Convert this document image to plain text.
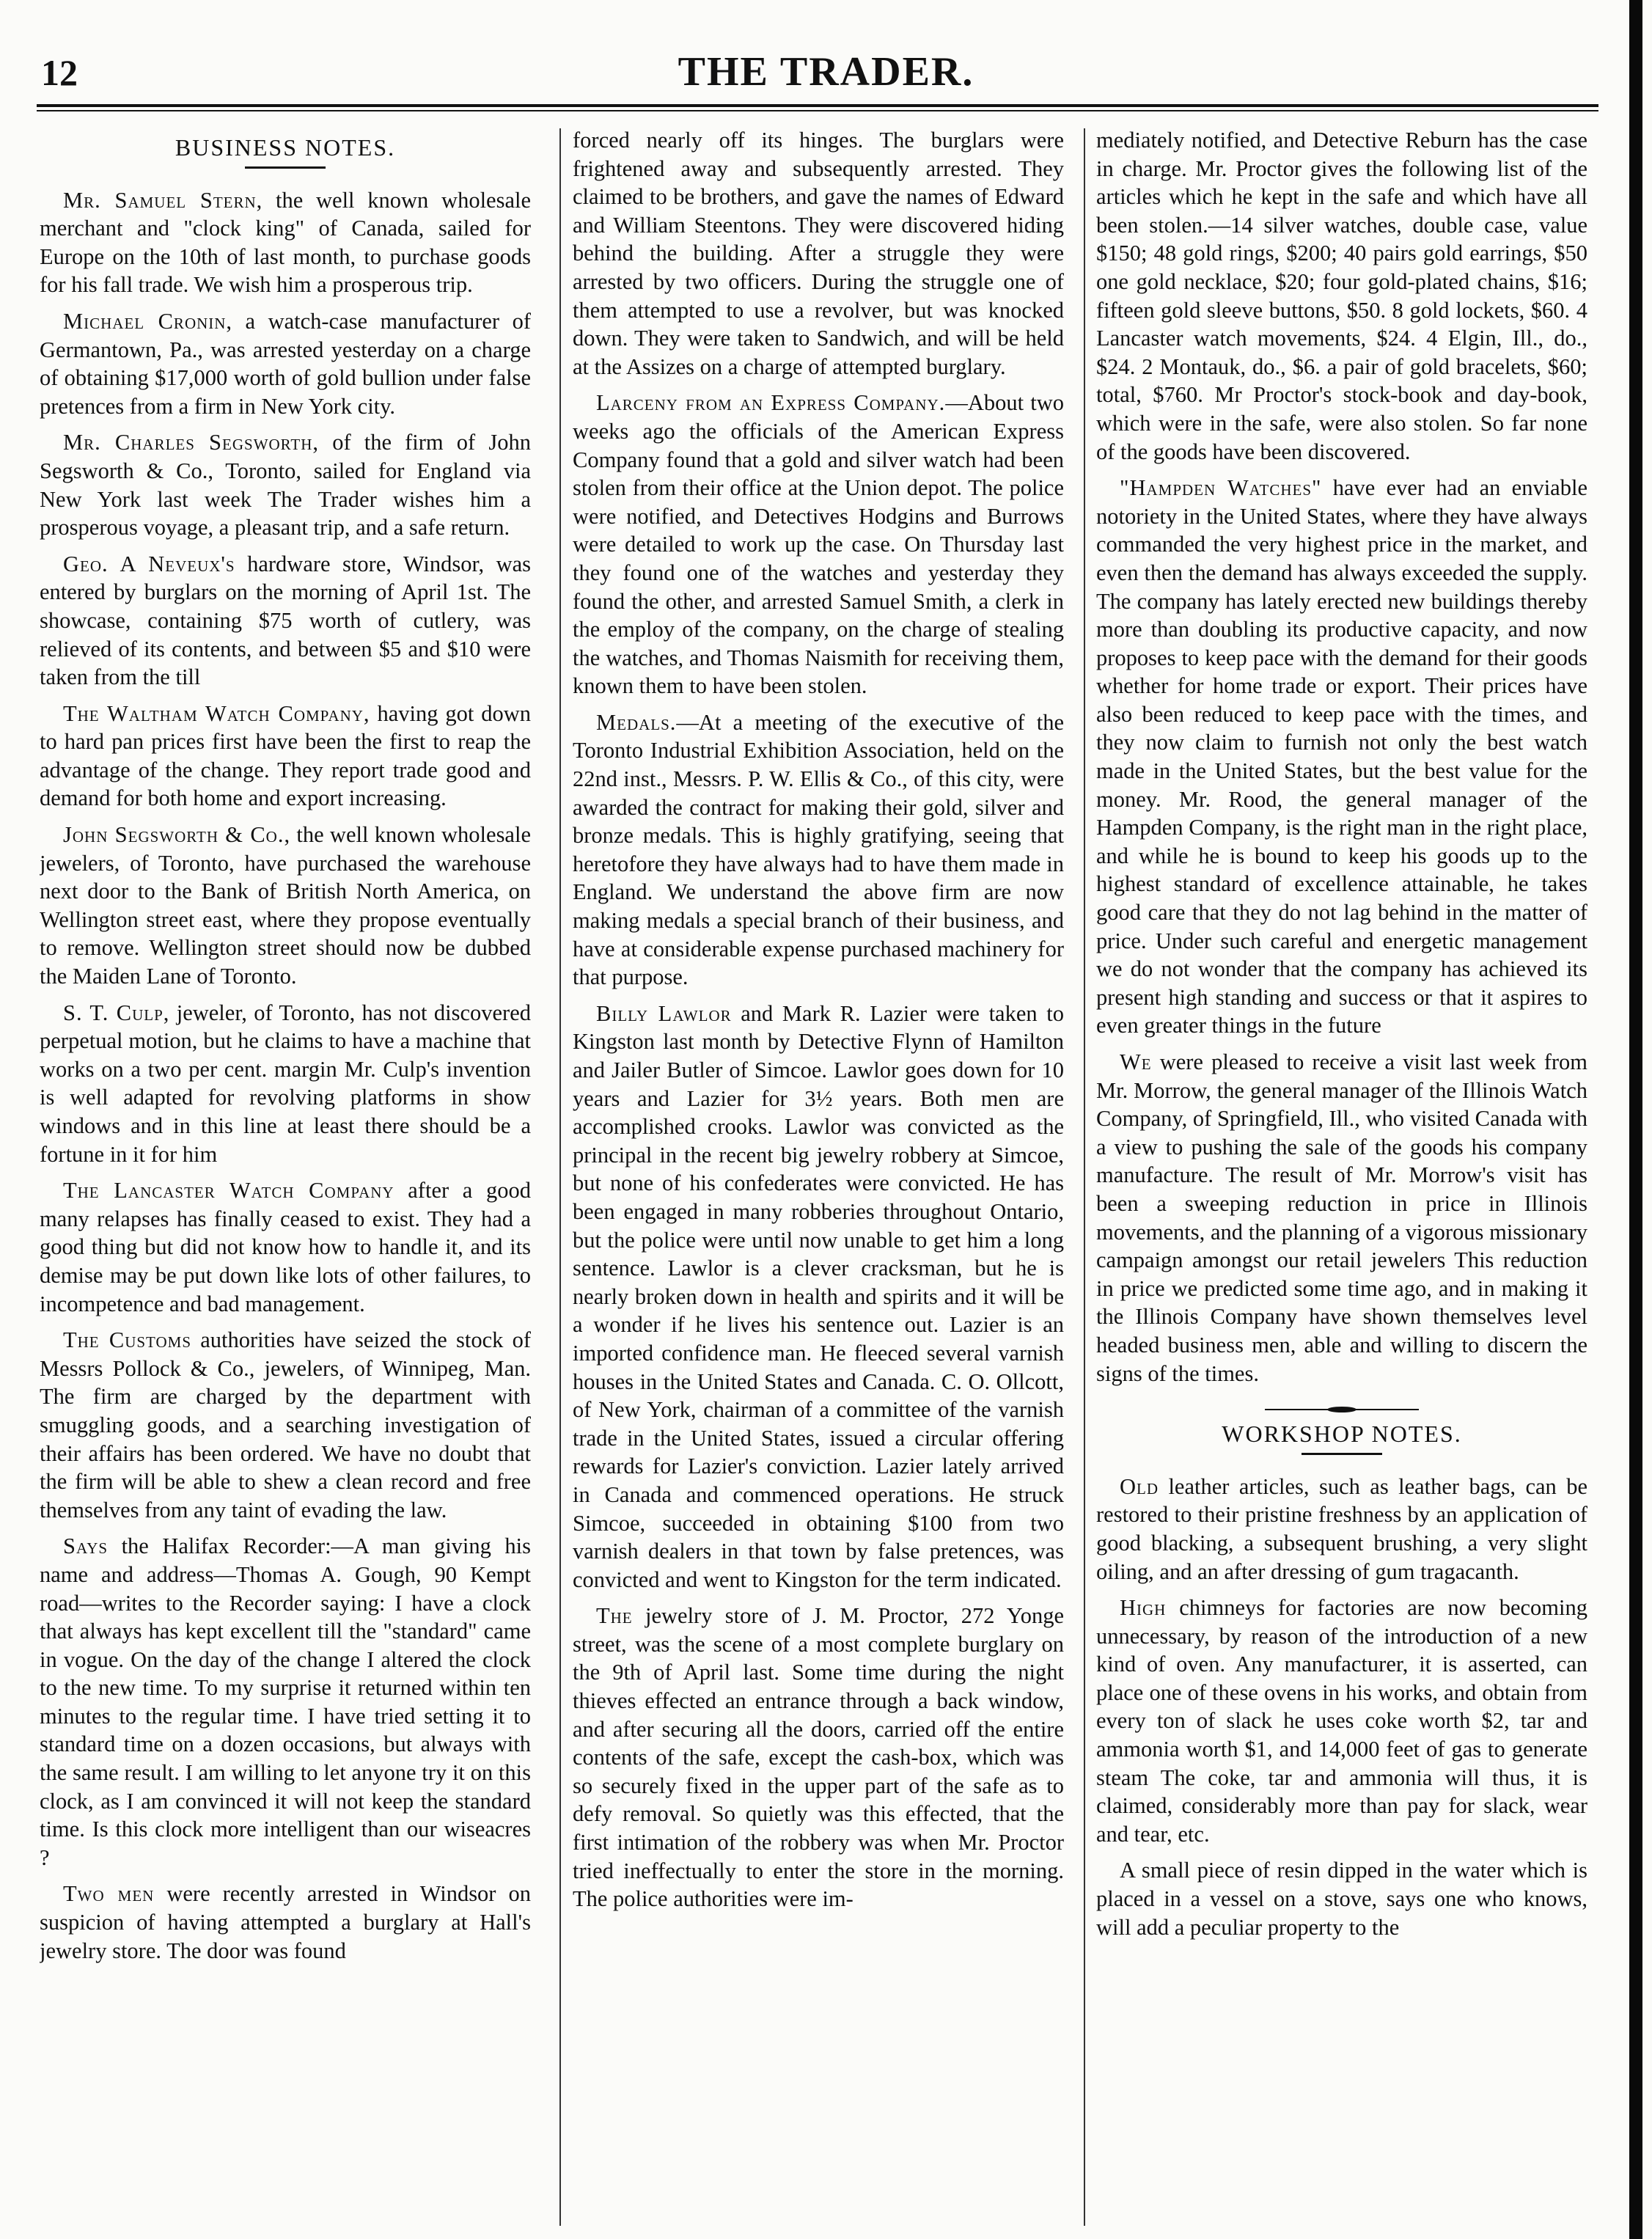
12	THE TRADER.
BUSINESS NOTES.

Mr. Samuel Stern, the well known wholesale merchant and "clock king" of Canada, sailed for Europe on the 10th of last month, to purchase goods for his fall trade. We wish him a prosperous trip.

Michael Cronin, a watch-case manufacturer of Germantown, Pa., was arrested yesterday on a charge of obtaining $17,000 worth of gold bullion under false pretences from a firm in New York city.

Mr. Charles Segsworth, of the firm of John Segsworth & Co., Toronto, sailed for England via New York last week The Trader wishes him a prosperous voyage, a pleasant trip, and a safe return.

Geo. A Neveux's hardware store, Windsor, was entered by burglars on the morning of April 1st. The showcase, containing $75 worth of cutlery, was relieved of its contents, and between $5 and $10 were taken from the till

The Waltham Watch Company, having got down to hard pan prices first have been the first to reap the advantage of the change. They report trade good and demand for both home and export increasing.

John Segsworth & Co., the well known wholesale jewelers, of Toronto, have purchased the warehouse next door to the Bank of British North America, on Wellington street east, where they propose eventually to remove. Wellington street should now be dubbed the Maiden Lane of Toronto.

S. T. Culp, jeweler, of Toronto, has not discovered perpetual motion, but he claims to have a machine that works on a two per cent. margin Mr. Culp's invention is well adapted for revolving platforms in show windows and in this line at least there should be a fortune in it for him

The Lancaster Watch Company after a good many relapses has finally ceased to exist. They had a good thing but did not know how to handle it, and its demise may be put down like lots of other failures, to incompetence and bad management.

The Customs authorities have seized the stock of Messrs Pollock & Co., jewelers, of Winnipeg, Man. The firm are charged by the department with smuggling goods, and a searching investigation of their affairs has been ordered. We have no doubt that the firm will be able to shew a clean record and free themselves from any taint of evading the law.

Says the Halifax Recorder:—A man giving his name and address—Thomas A. Gough, 90 Kempt road—writes to the Recorder saying: I have a clock that always has kept excellent till the "standard" came in vogue. On the day of the change I altered the clock to the new time. To my surprise it returned within ten minutes to the regular time. I have tried setting it to standard time on a dozen occasions, but always with the same result. I am willing to let anyone try it on this clock, as I am convinced it will not keep the standard time. Is this clock more intelligent than our wiseacres ?

Two men were recently arrested in Windsor on suspicion of having attempted a burglary at Hall's jewelry store. The door was found

forced nearly off its hinges. The burglars were frightened away and subsequently arrested. They claimed to be brothers, and gave the names of Edward and William Steentons. They were discovered hiding behind the building. After a struggle they were arrested by two officers. During the struggle one of them attempted to use a revolver, but was knocked down. They were taken to Sandwich, and will be held at the Assizes on a charge of attempted burglary.

Larceny from an Express Company.—About two weeks ago the officials of the American Express Company found that a gold and silver watch had been stolen from their office at the Union depot. The police were notified, and Detectives Hodgins and Burrows were detailed to work up the case. On Thursday last they found one of the watches and yesterday they found the other, and arrested Samuel Smith, a clerk in the employ of the company, on the charge of stealing the watches, and Thomas Naismith for receiving them, known them to have been stolen.

Medals.—At a meeting of the executive of the Toronto Industrial Exhibition Association, held on the 22nd inst., Messrs. P. W. Ellis & Co., of this city, were awarded the contract for making their gold, silver and bronze medals. This is highly gratifying, seeing that heretofore they have always had to have them made in England. We understand the above firm are now making medals a special branch of their business, and have at considerable expense purchased machinery for that purpose.

Billy Lawlor and Mark R. Lazier were taken to Kingston last month by Detective Flynn of Hamilton and Jailer Butler of Simcoe. Lawlor goes down for 10 years and Lazier for 3½ years. Both men are accomplished crooks. Lawlor was convicted as the principal in the recent big jewelry robbery at Simcoe, but none of his confederates were convicted. He has been engaged in many robberies throughout Ontario, but the police were until now unable to get him a long sentence. Lawlor is a clever cracksman, but he is nearly broken down in health and spirits and it will be a wonder if he lives his sentence out. Lazier is an imported confidence man. He fleeced several varnish houses in the United States and Canada. C. O. Ollcott, of New York, chairman of a committee of the varnish trade in the United States, issued a circular offering rewards for Lazier's conviction. Lazier lately arrived in Canada and commenced operations. He struck Simcoe, succeeded in obtaining $100 from two varnish dealers in that town by false pretences, was convicted and went to Kingston for the term indicated.

The jewelry store of J. M. Proctor, 272 Yonge street, was the scene of a most complete burglary on the 9th of April last. Some time during the night thieves effected an entrance through a back window, and after securing all the doors, carried off the entire contents of the safe, except the cash-box, which was so securely fixed in the upper part of the safe as to defy removal. So quietly was this effected, that the first intimation of the robbery was when Mr. Proctor tried ineffectually to enter the store in the morning. The police authorities were im-

mediately notified, and Detective Reburn has the case in charge. Mr. Proctor gives the following list of the articles which he kept in the safe and which have all been stolen.—14 silver watches, double case, value $150; 48 gold rings, $200; 40 pairs gold earrings, $50 one gold necklace, $20; four gold-plated chains, $16; fifteen gold sleeve buttons, $50. 8 gold lockets, $60. 4 Lancaster watch movements, $24. 4 Elgin, Ill., do., $24. 2 Montauk, do., $6. a pair of gold bracelets, $60; total, $760. Mr Proctor's stock-book and day-book, which were in the safe, were also stolen. So far none of the goods have been discovered.

"Hampden Watches" have ever had an enviable notoriety in the United States, where they have always commanded the very highest price in the market, and even then the demand has always exceeded the supply. The company has lately erected new buildings thereby more than doubling its productive capacity, and now proposes to keep pace with the demand for their goods whether for home trade or export. Their prices have also been reduced to keep pace with the times, and they now claim to furnish not only the best watch made in the United States, but the best value for the money. Mr. Rood, the general manager of the Hampden Company, is the right man in the right place, and while he is bound to keep his goods up to the highest standard of excellence attainable, he takes good care that they do not lag behind in the matter of price. Under such careful and energetic management we do not wonder that the company has achieved its present high standing and success or that it aspires to even greater things in the future

We were pleased to receive a visit last week from Mr. Morrow, the general manager of the Illinois Watch Company, of Springfield, Ill., who visited Canada with a view to pushing the sale of the goods his company manufacture. The result of Mr. Morrow's visit has been a sweeping reduction in price in Illinois movements, and the planning of a vigorous missionary campaign amongst our retail jewelers This reduction in price we predicted some time ago, and in making it the Illinois Company have shown themselves level headed business men, able and willing to discern the signs of the times.

WORKSHOP NOTES.

Old leather articles, such as leather bags, can be restored to their pristine freshness by an application of good blacking, a subsequent brushing, a very slight oiling, and an after dressing of gum tragacanth.

High chimneys for factories are now becoming unnecessary, by reason of the introduction of a new kind of oven. Any manufacturer, it is asserted, can place one of these ovens in his works, and obtain from every ton of slack he uses coke worth $2, tar and ammonia worth $1, and 14,000 feet of gas to generate steam The coke, tar and ammonia will thus, it is claimed, considerably more than pay for slack, wear and tear, etc.

A small piece of resin dipped in the water which is placed in a vessel on a stove, says one who knows, will add a peculiar property to the
